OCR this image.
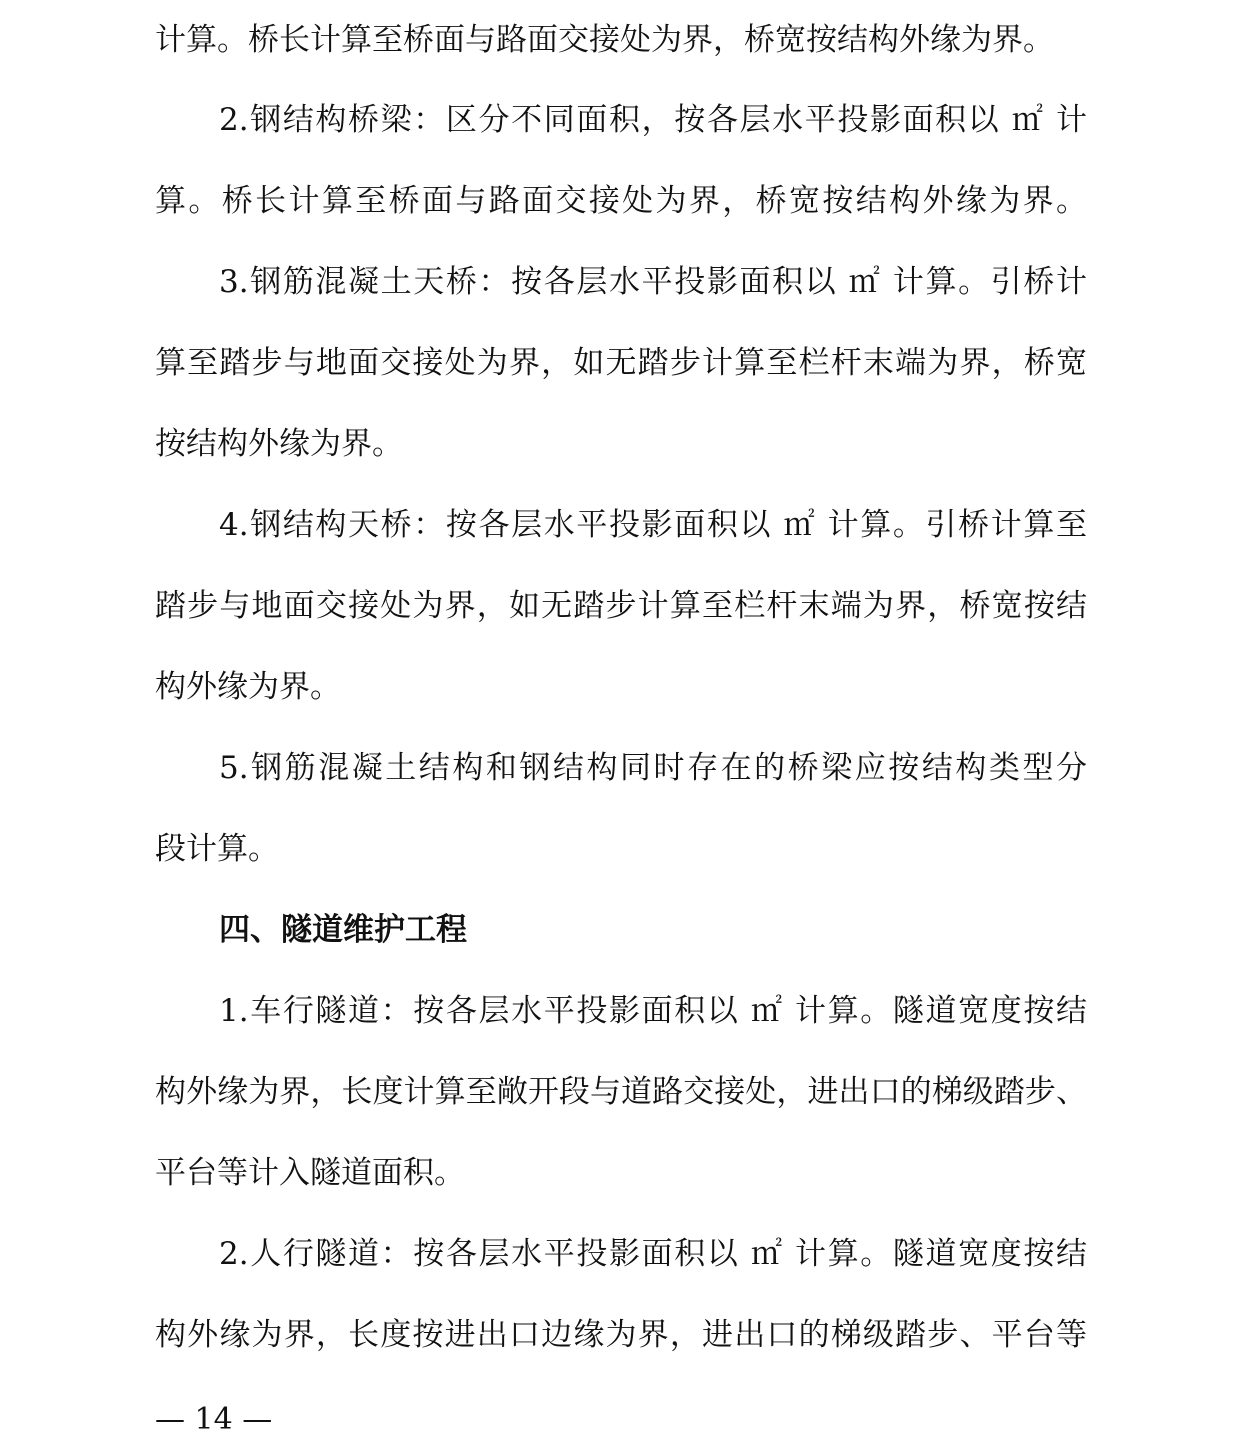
计算。桥长计算至桥面与路面交接处为界，桥宽按结构外缘为界。
2.钢结构桥梁：区分不同面积，按各层水平投影面积以 ㎡ 计
算。桥长计算至桥面与路面交接处为界，桥宽按结构外缘为界。
3.钢筋混凝土天桥：按各层水平投影面积以 ㎡ 计算。引桥计
算至踏步与地面交接处为界，如无踏步计算至栏杆末端为界，桥宽
按结构外缘为界。
4.钢结构天桥：按各层水平投影面积以 ㎡ 计算。引桥计算至
踏步与地面交接处为界，如无踏步计算至栏杆末端为界，桥宽按结
构外缘为界。
5.钢筋混凝土结构和钢结构同时存在的桥梁应按结构类型分
段计算。
四、隧道维护工程
1.车行隧道：按各层水平投影面积以 ㎡ 计算。隧道宽度按结
构外缘为界，长度计算至敞开段与道路交接处，进出口的梯级踏步、
平台等计入隧道面积。
2.人行隧道：按各层水平投影面积以 ㎡ 计算。隧道宽度按结
构外缘为界，长度按进出口边缘为界，进出口的梯级踏步、平台等
— 14 —
